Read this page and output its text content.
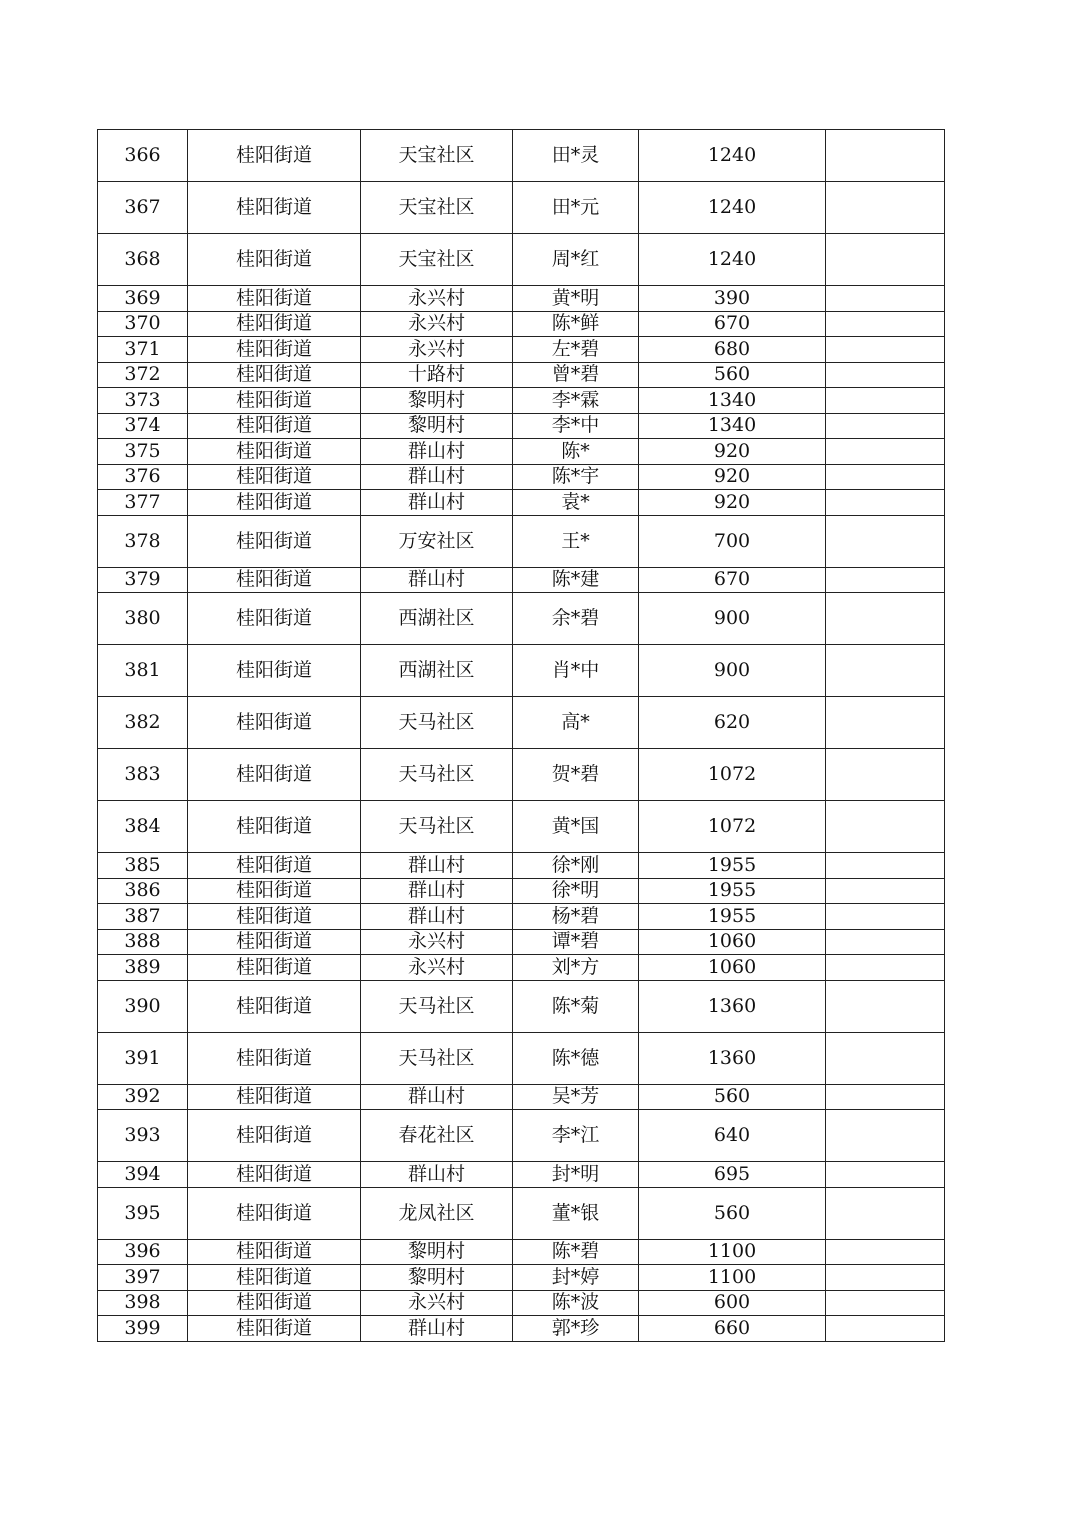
366	桂阳街道	天宝社区	田*灵	1240	
367	桂阳街道	天宝社区	田*元	1240	
368	桂阳街道	天宝社区	周*红	1240	
369	桂阳街道	永兴村	黄*明	390	
370	桂阳街道	永兴村	陈*鲜	670	
371	桂阳街道	永兴村	左*碧	680	
372	桂阳街道	十路村	曾*碧	560	
373	桂阳街道	黎明村	李*霖	1340	
374	桂阳街道	黎明村	李*中	1340	
375	桂阳街道	群山村	陈*	920	
376	桂阳街道	群山村	陈*宇	920	
377	桂阳街道	群山村	袁*	920	
378	桂阳街道	万安社区	王*	700	
379	桂阳街道	群山村	陈*建	670	
380	桂阳街道	西湖社区	余*碧	900	
381	桂阳街道	西湖社区	肖*中	900	
382	桂阳街道	天马社区	高*	620	
383	桂阳街道	天马社区	贺*碧	1072	
384	桂阳街道	天马社区	黄*国	1072	
385	桂阳街道	群山村	徐*刚	1955	
386	桂阳街道	群山村	徐*明	1955	
387	桂阳街道	群山村	杨*碧	1955	
388	桂阳街道	永兴村	谭*碧	1060	
389	桂阳街道	永兴村	刘*方	1060	
390	桂阳街道	天马社区	陈*菊	1360	
391	桂阳街道	天马社区	陈*德	1360	
392	桂阳街道	群山村	吴*芳	560	
393	桂阳街道	春花社区	李*江	640	
394	桂阳街道	群山村	封*明	695	
395	桂阳街道	龙凤社区	董*银	560	
396	桂阳街道	黎明村	陈*碧	1100	
397	桂阳街道	黎明村	封*婷	1100	
398	桂阳街道	永兴村	陈*波	600	
399	桂阳街道	群山村	郭*珍	660	
